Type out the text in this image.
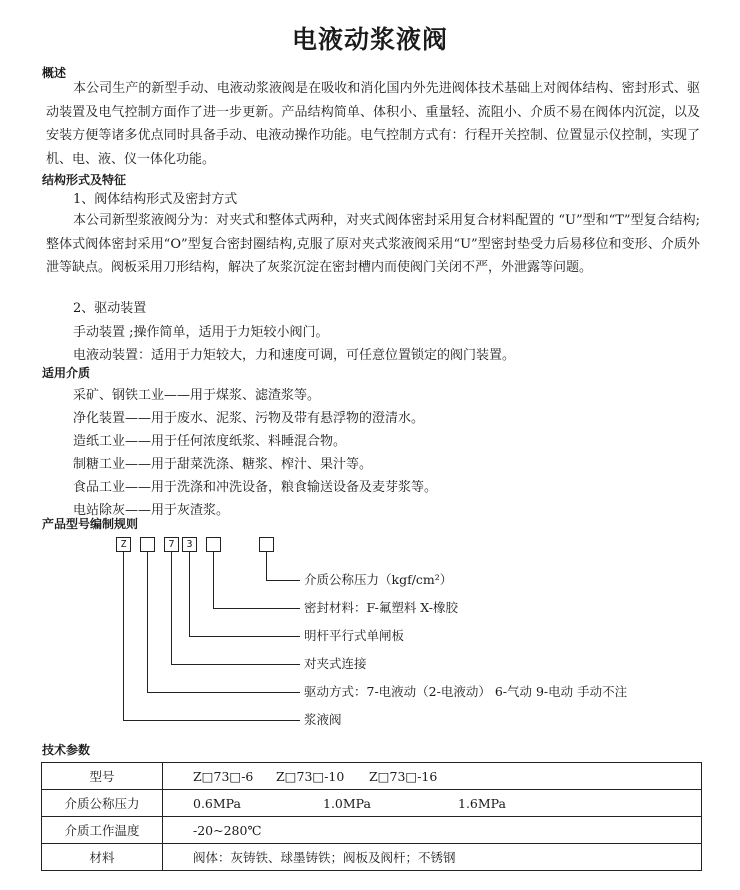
电液动浆液阀
概述

本公司生产的新型手动、电液动浆液阀是在吸收和消化国内外先进阀体技术基础上对阀体结构、密封形式、驱动装置及电气控制方面作了进一步更新。产品结构简单、体积小、重量轻、流阻小、介质不易在阀体内沉淀，以及安装方便等诸多优点同时具备手动、电液动操作功能。电气控制方式有：行程开关控制、位置显示仪控制，实现了机、电、液、仪一体化功能。

结构形式及特征
1、阀体结构形式及密封方式

本公司新型浆液阀分为：对夹式和整体式两种，对夹式阀体密封采用复合材料配置的 “U”型和“T”型复合结构;整体式阀体密封采用“O”型复合密封圈结构,克服了原对夹式浆液阀采用“U”型密封垫受力后易移位和变形、介质外泄等缺点。阀板采用刀形结构，解决了灰浆沉淀在密封槽内而使阀门关闭不严，外泄露等问题。

2、驱动装置
手动装置 ;操作简单，适用于力矩较小阀门。
电液动装置：适用于力矩较大，力和速度可调，可任意位置锁定的阀门装置。
适用介质
采矿、钢铁工业——用于煤浆、滤渣浆等。
净化装置——用于废水、泥浆、污物及带有悬浮物的澄清水。
造纸工业——用于任何浓度纸浆、料睡混合物。
制糖工业——用于甜菜洗涤、糖浆、榨汁、果汁等。
食品工业——用于洗涤和冲洗设备，粮食输送设备及麦芽浆等。
电站除灰——用于灰渣浆。
产品型号编制规则
Z	7	3
介质公称压力（kgf/cm²）
密封材料：F-氟塑料 X-橡胶
明杆平行式单闸板
对夹式连接
驱动方式：7-电液动（2-电液动） 6-气动 9-电动 手动不注
浆液阀
技术参数
型号	Z□73□-6 Z□73□-10 Z□73□-16
介质公称压力	0.6MPa 1.0MPa 1.6MPa
介质工作温度	-20~280℃
材料	阀体：灰铸铁、球墨铸铁；阀板及阀杆；不锈钢
